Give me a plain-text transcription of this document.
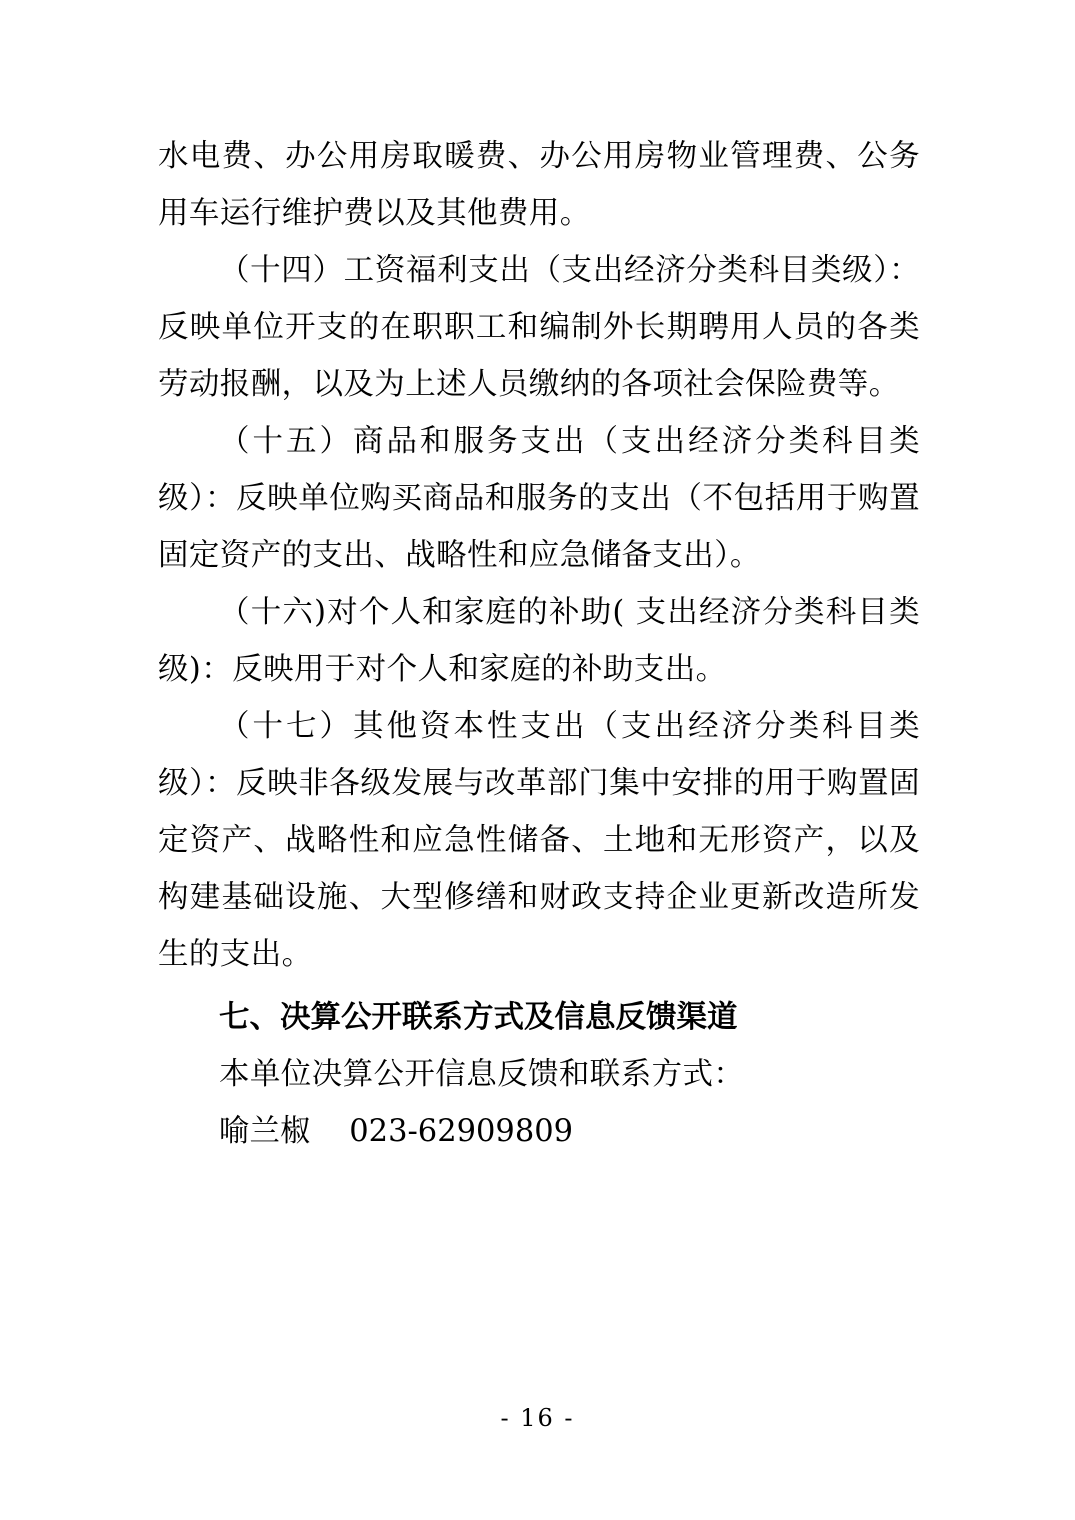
水电费、办公用房取暖费、办公用房物业管理费、公务用车运行维护费以及其他费用。

（十四）工资福利支出（支出经济分类科目类级）：反映单位开支的在职职工和编制外长期聘用人员的各类劳动报酬，以及为上述人员缴纳的各项社会保险费等。

（十五）商品和服务支出（支出经济分类科目类级）：反映单位购买商品和服务的支出（不包括用于购置固定资产的支出、战略性和应急储备支出）。

（十六)对个人和家庭的补助( 支出经济分类科目类级)：反映用于对个人和家庭的补助支出。

（十七）其他资本性支出（支出经济分类科目类级）：反映非各级发展与改革部门集中安排的用于购置固定资产、战略性和应急性储备、土地和无形资产，以及构建基础设施、大型修缮和财政支持企业更新改造所发生的支出。

七、决算公开联系方式及信息反馈渠道

本单位决算公开信息反馈和联系方式：

喻兰椒    023-62909809

- 16 -
